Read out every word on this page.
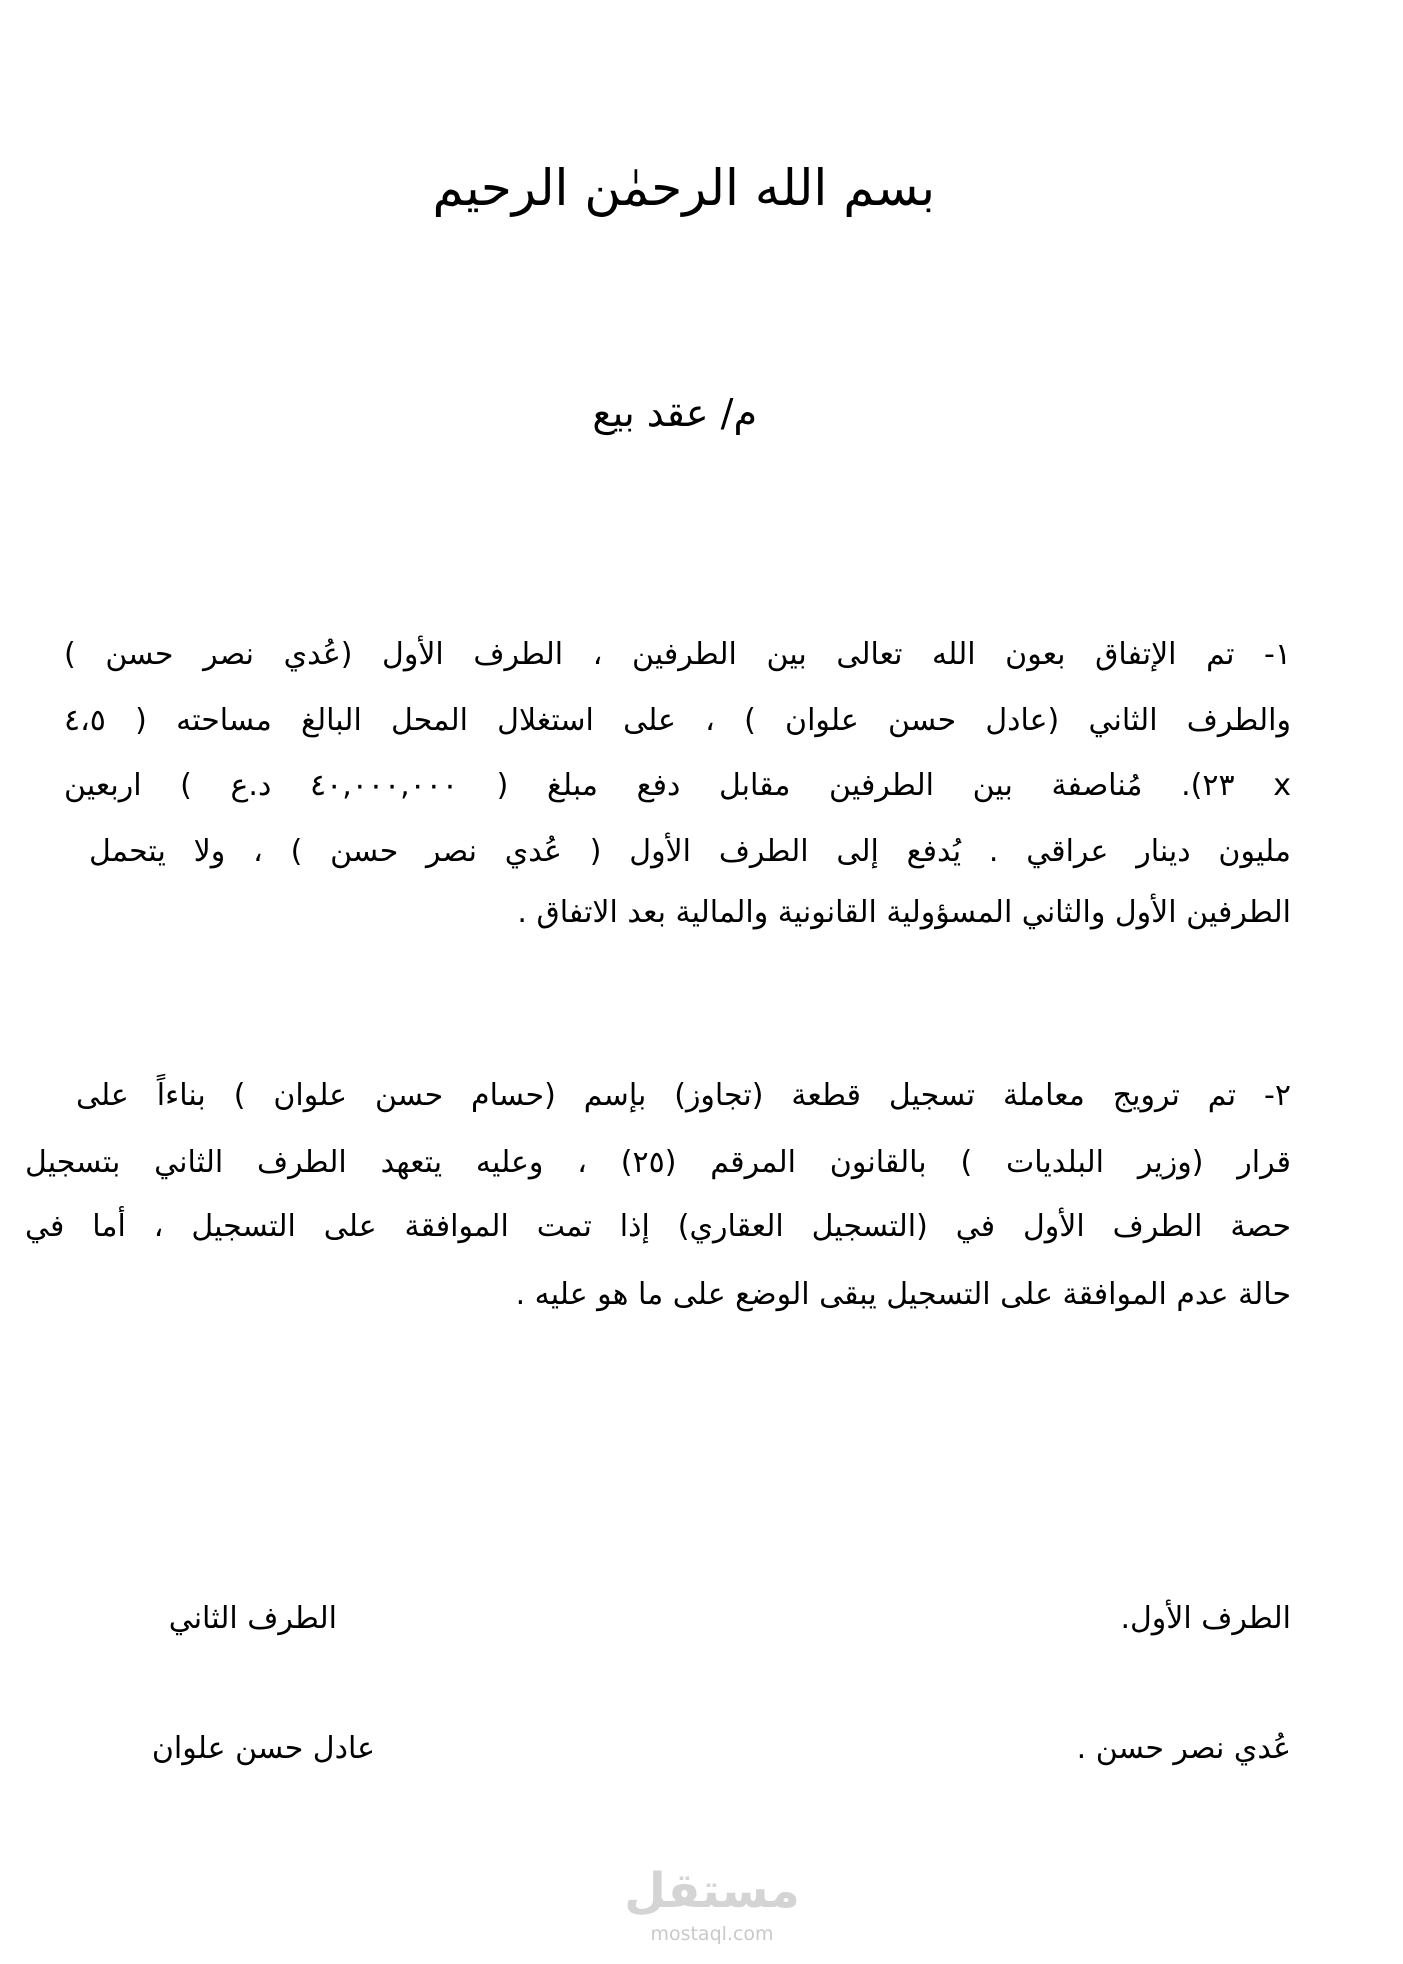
بسم الله الرحمٰن الرحيم
م/ عقد بيع
١- تم الإتفاق بعون الله تعالى بين الطرفين ، الطرف الأول (عُدي نصر حسن )
والطرف الثاني (عادل حسن علوان ) ، على استغلال المحل البالغ مساحته ( ٤،٥
x ٢٣). مُناصفة بين الطرفين مقابل دفع مبلغ ( ٤٠,٠٠٠,٠٠٠ د.ع ) اربعين
مليون دينار عراقي . يُدفع إلى الطرف الأول ( عُدي نصر حسن ) ، ولا يتحمل
الطرفين الأول والثاني المسؤولية القانونية والمالية بعد الاتفاق .
٢- تم ترويج معاملة تسجيل قطعة (تجاوز) بإسم (حسام حسن علوان ) بناءاً على
قرار (وزير البلديات ) بالقانون المرقم (٢٥) ، وعليه يتعهد الطرف الثاني بتسجيل
حصة الطرف الأول في (التسجيل العقاري) إذا تمت الموافقة على التسجيل ، أما في
حالة عدم الموافقة على التسجيل يبقى الوضع على ما هو عليه .
الطرف الأول.
الطرف الثاني
عُدي نصر حسن .
عادل حسن علوان
مستقل
mostaql.com
